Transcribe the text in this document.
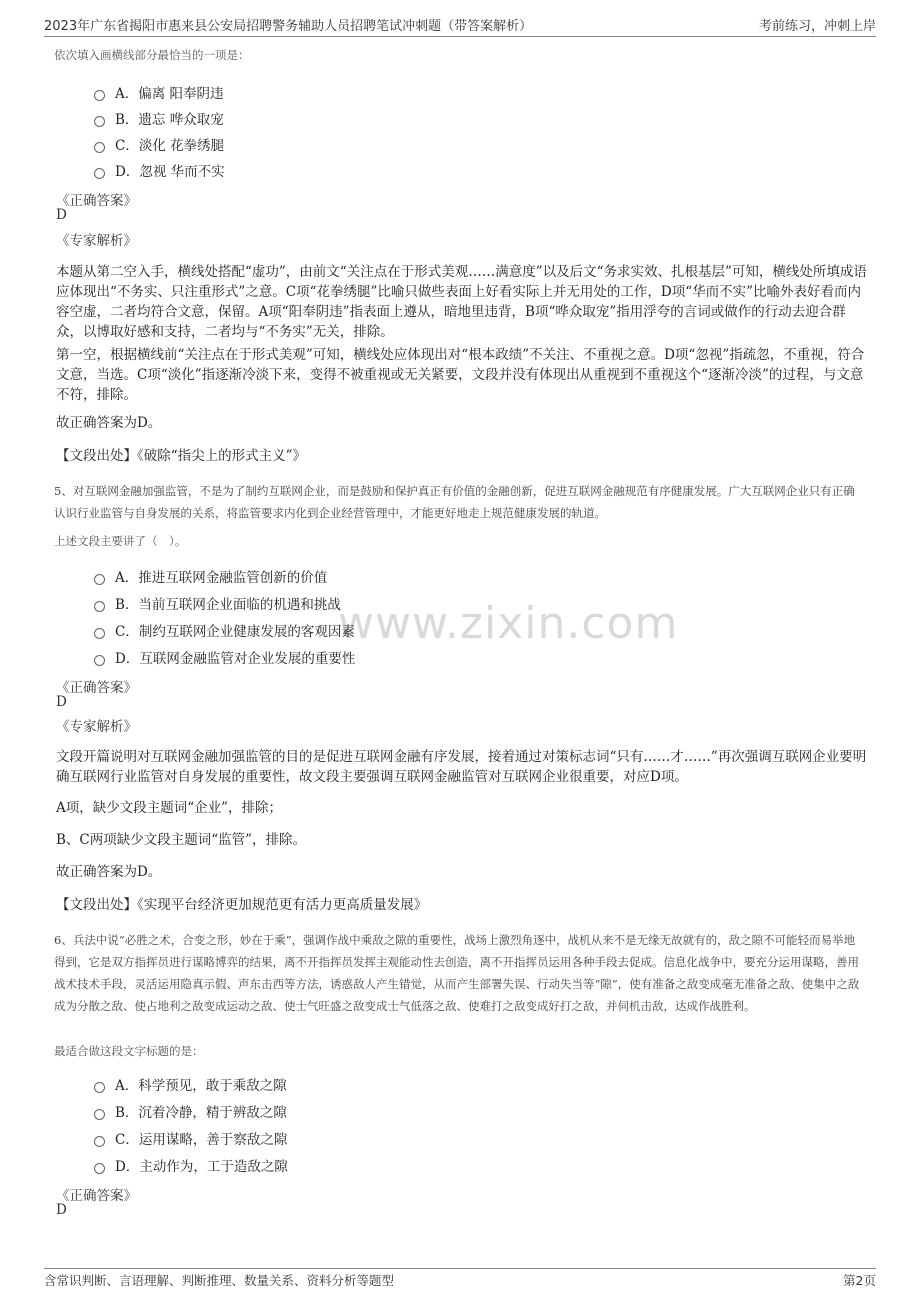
2023年广东省揭阳市惠来县公安局招聘警务辅助人员招聘笔试冲刺题（带答案解析）	考前练习，冲刺上岸
www.zixin.com
依次填入画横线部分最恰当的一项是：
A．偏离 阳奉阴违
B．遗忘 哗众取宠
C．淡化 花拳绣腿
D．忽视 华而不实
《正确答案》
D
《专家解析》
本题从第二空入手，横线处搭配“虚功”，由前文“关注点在于形式美观……满意度”以及后文“务求实效、扎根基层”可知，横线处所填成语应体现出“不务实、只注重形式”之意。C项“花拳绣腿”比喻只做些表面上好看实际上并无用处的工作，D项“华而不实”比喻外表好看而内容空虚，二者均符合文意，保留。A项“阳奉阴违”指表面上遵从，暗地里违背，B项“哗众取宠”指用浮夸的言词或做作的行动去迎合群众，以博取好感和支持，二者均与“不务实”无关，排除。
第一空，根据横线前“关注点在于形式美观”可知，横线处应体现出对“根本政绩”不关注、不重视之意。D项“忽视”指疏忽，不重视，符合文意，当选。C项“淡化”指逐渐冷淡下来，变得不被重视或无关紧要，文段并没有体现出从重视到不重视这个“逐渐冷淡”的过程，与文意不符，排除。
故正确答案为D。
【文段出处】《破除“指尖上的形式主义”》
5、对互联网金融加强监管，不是为了制约互联网企业，而是鼓励和保护真正有价值的金融创新，促进互联网金融规范有序健康发展。广大互联网企业只有正确认识行业监管与自身发展的关系，将监管要求内化到企业经营管理中，才能更好地走上规范健康发展的轨道。
上述文段主要讲了（　）。
A．推进互联网金融监管创新的价值
B．当前互联网企业面临的机遇和挑战
C．制约互联网企业健康发展的客观因素
D．互联网金融监管对企业发展的重要性
《正确答案》
D
《专家解析》
文段开篇说明对互联网金融加强监管的目的是促进互联网金融有序发展，接着通过对策标志词“只有……才……”再次强调互联网企业要明确互联网行业监管对自身发展的重要性，故文段主要强调互联网金融监管对互联网企业很重要，对应D项。
A项，缺少文段主题词“企业”，排除；
B、C两项缺少文段主题词“监管”，排除。
故正确答案为D。
【文段出处】《实现平台经济更加规范更有活力更高质量发展》
6、兵法中说“必胜之术，合变之形，妙在于乘”，强调作战中乘敌之隙的重要性，战场上激烈角逐中，战机从来不是无缘无故就有的，敌之隙不可能轻而易举地得到，它是双方指挥员进行谋略博弈的结果，离不开指挥员发挥主观能动性去创造，离不开指挥员运用各种手段去促成。信息化战争中，要充分运用谋略，善用战术技术手段，灵活运用隐真示假、声东击西等方法，诱惑敌人产生错觉，从而产生部署失误、行动失当等“隙”，使有准备之敌变成毫无准备之敌、使集中之敌成为分散之敌、使占地利之敌变成运动之敌、使士气旺盛之敌变成士气低落之敌、使难打之敌变成好打之敌，并伺机击敌，达成作战胜利。
最适合做这段文字标题的是：
A．科学预见，敢于乘敌之隙
B．沉着冷静，精于辨敌之隙
C．运用谋略，善于察敌之隙
D．主动作为，工于造敌之隙
《正确答案》
D
含常识判断、言语理解、判断推理、数量关系、资料分析等题型	第2页
